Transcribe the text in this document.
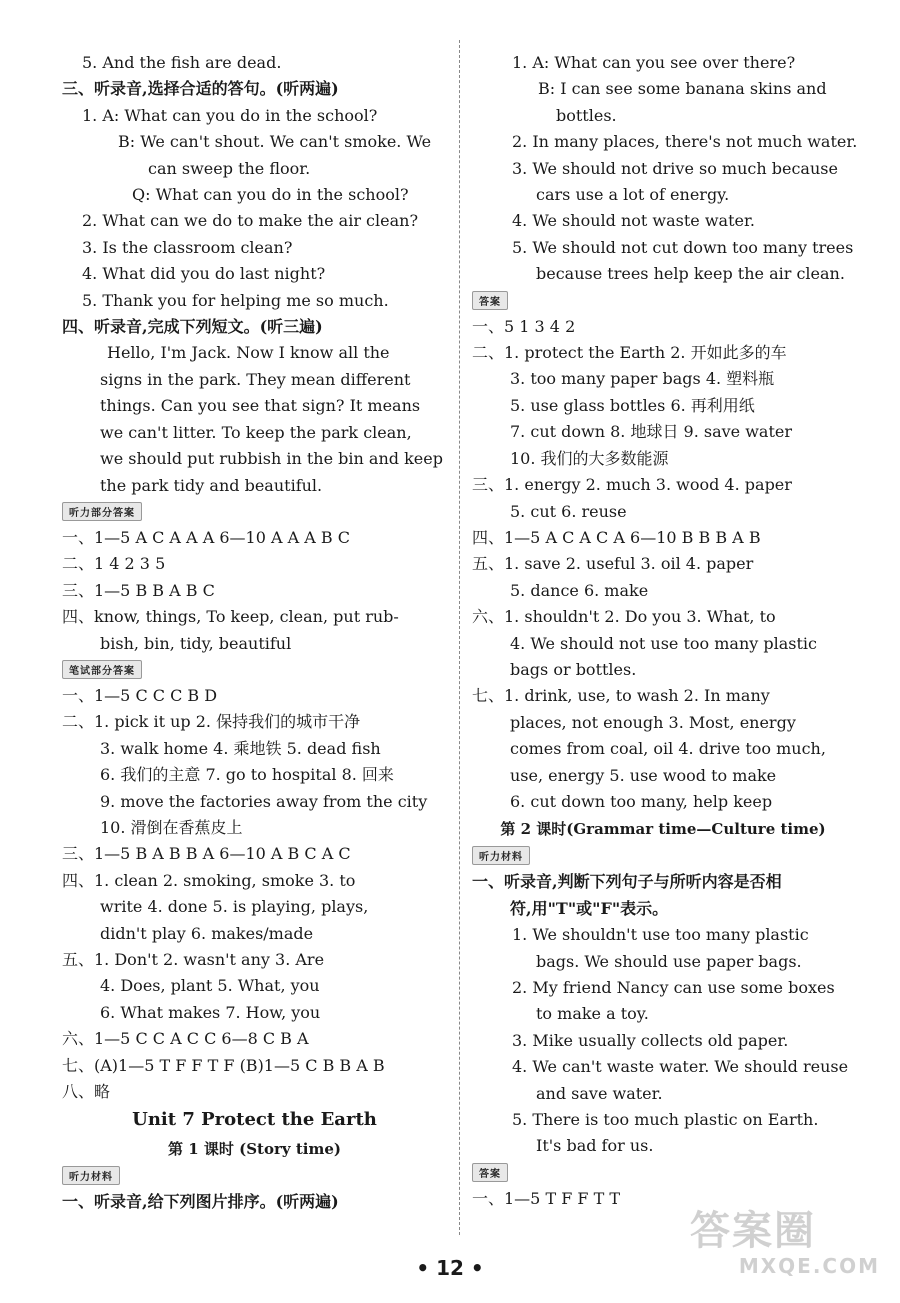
5. And the fish are dead.
三、听录音,选择合适的答句。(听两遍)
1. A: What can you do in the school?
B: We can't shout. We can't smoke. We
can sweep the floor.
Q: What can you do in the school?
2. What can we do to make the air clean?
3. Is the classroom clean?
4. What did you do last night?
5. Thank you for helping me so much.
四、听录音,完成下列短文。(听三遍)
Hello, I'm Jack. Now I know all the
signs in the park. They mean different
things. Can you see that sign? It means
we can't litter. To keep the park clean,
we should put rubbish in the bin and keep
the park tidy and beautiful.
听力部分答案
一、1—5 A C A A A 6—10 A A A B C
二、1 4 2 3 5
三、1—5 B B A B C
四、know, things, To keep, clean, put rub-
bish, bin, tidy, beautiful
笔试部分答案
一、1—5 C C C B D
二、1. pick it up 2. 保持我们的城市干净
3. walk home 4. 乘地铁 5. dead fish
6. 我们的主意 7. go to hospital 8. 回来
9. move the factories away from the city
10. 滑倒在香蕉皮上
三、1—5 B A B B A 6—10 A B C A C
四、1. clean 2. smoking, smoke 3. to
write 4. done 5. is playing, plays,
didn't play 6. makes/made
五、1. Don't 2. wasn't any 3. Are
4. Does, plant 5. What, you
6. What makes 7. How, you
六、1—5 C C A C C 6—8 C B A
七、(A)1—5 T F F T F (B)1—5 C B B A B
八、略
Unit 7 Protect the Earth
第 1 课时 (Story time)
听力材料
一、听录音,给下列图片排序。(听两遍)
1. A: What can you see over there?
B: I can see some banana skins and
bottles.
2. In many places, there's not much water.
3. We should not drive so much because
cars use a lot of energy.
4. We should not waste water.
5. We should not cut down too many trees
because trees help keep the air clean.
答案
一、5 1 3 4 2
二、1. protect the Earth 2. 开如此多的车
3. too many paper bags 4. 塑料瓶
5. use glass bottles 6. 再利用纸
7. cut down 8. 地球日 9. save water
10. 我们的大多数能源
三、1. energy 2. much 3. wood 4. paper
5. cut 6. reuse
四、1—5 A C A C A 6—10 B B B A B
五、1. save 2. useful 3. oil 4. paper
5. dance 6. make
六、1. shouldn't 2. Do you 3. What, to
4. We should not use too many plastic
bags or bottles.
七、1. drink, use, to wash 2. In many
places, not enough 3. Most, energy
comes from coal, oil 4. drive too much,
use, energy 5. use wood to make
6. cut down too many, help keep
第 2 课时(Grammar time—Culture time)
听力材料
一、听录音,判断下列句子与所听内容是否相
符,用"T"或"F"表示。
1. We shouldn't use too many plastic
bags. We should use paper bags.
2. My friend Nancy can use some boxes
to make a toy.
3. Mike usually collects old paper.
4. We can't waste water. We should reuse
and save water.
5. There is too much plastic on Earth.
It's bad for us.
答案
一、1—5 T F F T T
• 12 •
答案圈
MXQE.COM
